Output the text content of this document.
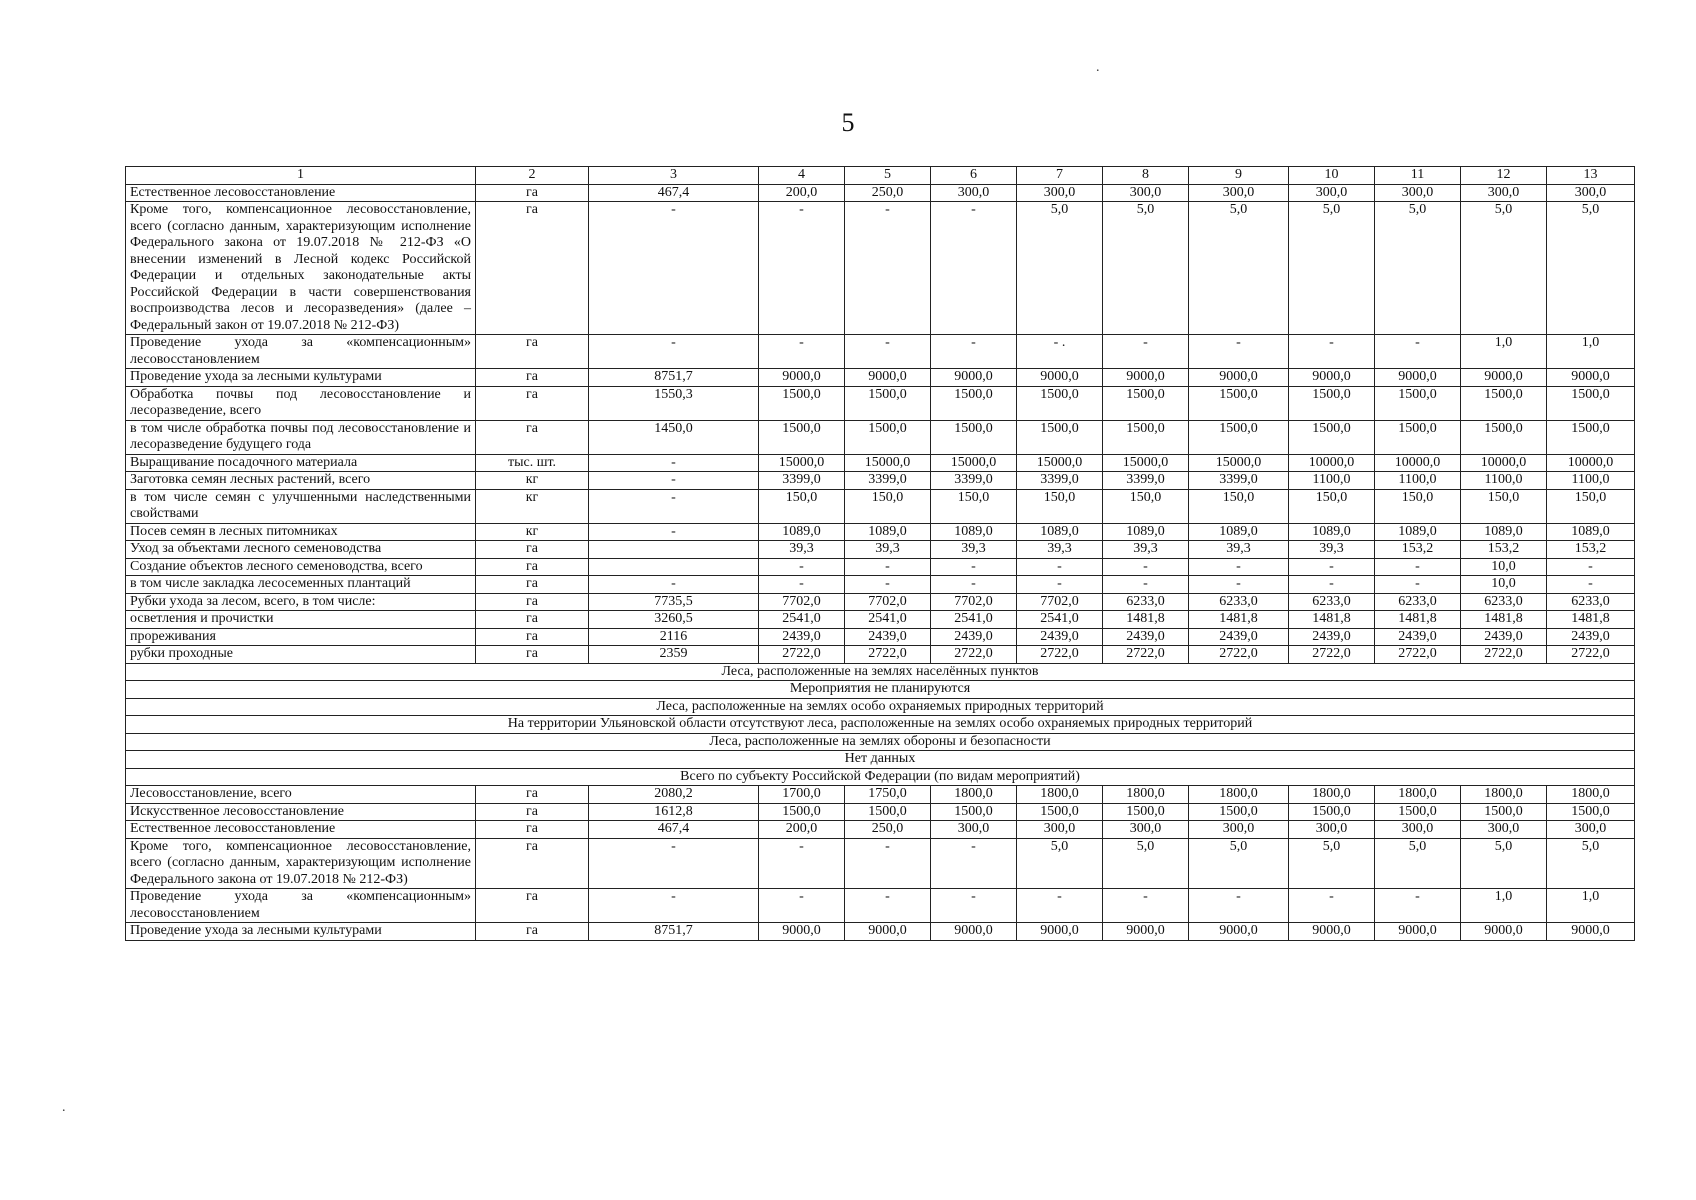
5
.
.
1	2	3	4	5	6	7	8	9	10	11	12	13
Естественное лесовосстановление	га	467,4	200,0	250,0	300,0	300,0	300,0	300,0	300,0	300,0	300,0	300,0
Кроме того, компенсационное лесовосстановление, всего (согласно данным, характеризующим исполнение Федерального закона от 19.07.2018 № 212-ФЗ «О внесении изменений в Лесной кодекс Российской Федерации и отдельных законодательные акты Российской Федерации в части совершенствования воспроизводства лесов и лесоразведения» (далее – Федеральный закон от 19.07.2018 № 212-ФЗ)	га	-	-	-	-	5,0	5,0	5,0	5,0	5,0	5,0	5,0
Проведение ухода за «компенсационным» лесовосстановлением	га	-	-	-	-	- .	-	-	-	-	1,0	1,0
Проведение ухода за лесными культурами	га	8751,7	9000,0	9000,0	9000,0	9000,0	9000,0	9000,0	9000,0	9000,0	9000,0	9000,0
Обработка почвы под лесовосстановление и лесоразведение, всего	га	1550,3	1500,0	1500,0	1500,0	1500,0	1500,0	1500,0	1500,0	1500,0	1500,0	1500,0
в том числе обработка почвы под лесовосстановление и лесоразведение будущего года	га	1450,0	1500,0	1500,0	1500,0	1500,0	1500,0	1500,0	1500,0	1500,0	1500,0	1500,0
Выращивание посадочного материала	тыс. шт.	-	15000,0	15000,0	15000,0	15000,0	15000,0	15000,0	10000,0	10000,0	10000,0	10000,0
Заготовка семян лесных растений, всего	кг	-	3399,0	3399,0	3399,0	3399,0	3399,0	3399,0	1100,0	1100,0	1100,0	1100,0
в том числе семян с улучшенными наследственными свойствами	кг	-	150,0	150,0	150,0	150,0	150,0	150,0	150,0	150,0	150,0	150,0
Посев семян в лесных питомниках	кг	-	1089,0	1089,0	1089,0	1089,0	1089,0	1089,0	1089,0	1089,0	1089,0	1089,0
Уход за объектами лесного семеноводства	га		39,3	39,3	39,3	39,3	39,3	39,3	39,3	153,2	153,2	153,2
Создание объектов лесного семеноводства, всего	га		-	-	-	-	-	-	-	-	10,0	-
в том числе закладка лесосеменных плантаций	га	-	-	-	-	-	-	-	-	-	10,0	-
Рубки ухода за лесом, всего, в том числе:	га	7735,5	7702,0	7702,0	7702,0	7702,0	6233,0	6233,0	6233,0	6233,0	6233,0	6233,0
осветления и прочистки	га	3260,5	2541,0	2541,0	2541,0	2541,0	1481,8	1481,8	1481,8	1481,8	1481,8	1481,8
прореживания	га	2116	2439,0	2439,0	2439,0	2439,0	2439,0	2439,0	2439,0	2439,0	2439,0	2439,0
рубки проходные	га	2359	2722,0	2722,0	2722,0	2722,0	2722,0	2722,0	2722,0	2722,0	2722,0	2722,0
Леса, расположенные на землях населённых пунктов												
Мероприятия не планируются												
Леса, расположенные на землях особо охраняемых природных территорий												
На территории Ульяновской области отсутствуют леса, расположенные на землях особо охраняемых природных территорий												
Леса, расположенные на землях обороны и безопасности												
Нет данных												
Всего по субъекту Российской Федерации (по видам мероприятий)												
Лесовосстановление, всего	га	2080,2	1700,0	1750,0	1800,0	1800,0	1800,0	1800,0	1800,0	1800,0	1800,0	1800,0
Искусственное лесовосстановление	га	1612,8	1500,0	1500,0	1500,0	1500,0	1500,0	1500,0	1500,0	1500,0	1500,0	1500,0
Естественное лесовосстановление	га	467,4	200,0	250,0	300,0	300,0	300,0	300,0	300,0	300,0	300,0	300,0
Кроме того, компенсационное лесовосстановление, всего (согласно данным, характеризующим исполнение Федерального закона от 19.07.2018 № 212-ФЗ)	га	-	-	-	-	5,0	5,0	5,0	5,0	5,0	5,0	5,0
Проведение ухода за «компенсационным» лесовосстановлением	га	-	-	-	-	-	-	-	-	-	1,0	1,0
Проведение ухода за лесными культурами	га	8751,7	9000,0	9000,0	9000,0	9000,0	9000,0	9000,0	9000,0	9000,0	9000,0	9000,0
